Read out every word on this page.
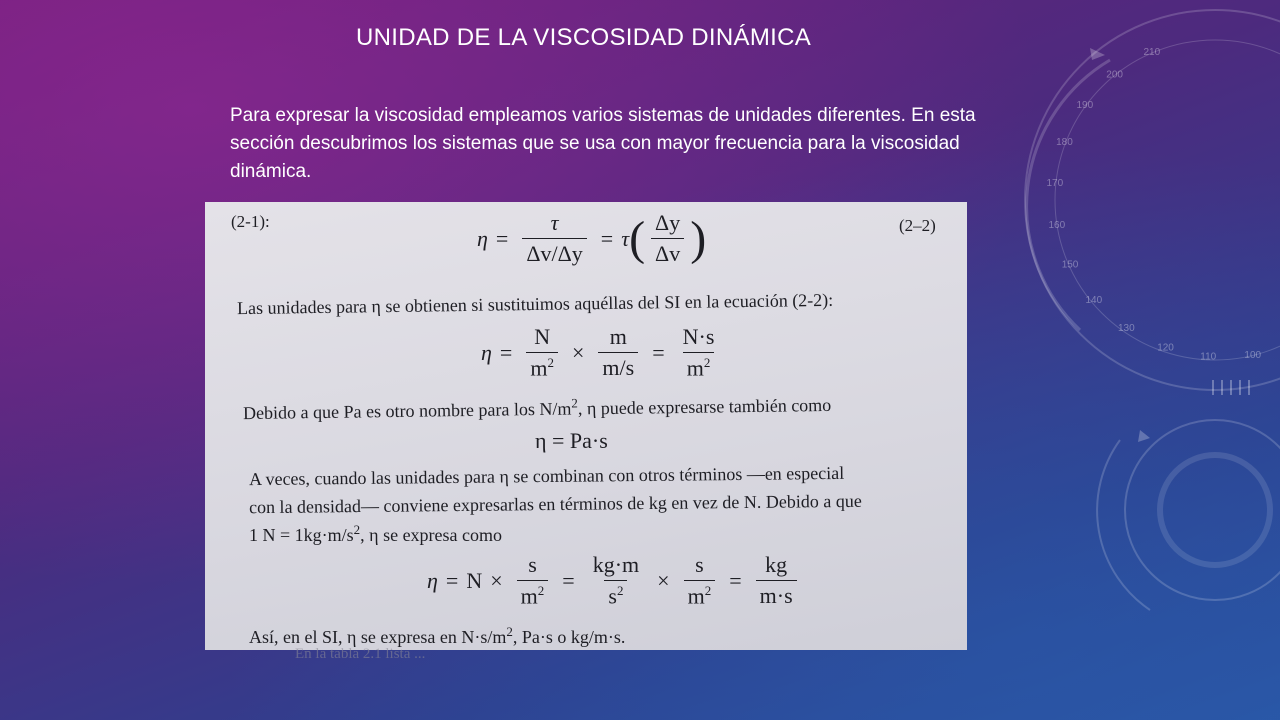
100
110
120
130
140
150
160
170
180
190
200
210
UNIDAD DE LA VISCOSIDAD DINÁMICA

Para expresar la viscosidad empleamos varios sistemas de unidades diferentes. En esta sección descubrimos los sistemas que se usa con mayor frecuencia para la viscosidad dinámica.

(2-1):	(2–2)
$\eta = \frac{\tau}{\Delta v/\Delta y} = \tau$ ( $\frac{\Delta y}{\Delta v}$ )
Las unidades para η se obtienen si sustituimos aquéllas del SI en la ecuación (2-2):
$\eta = \frac{N}{m^2} \times \frac{m}{m/s} = \frac{N\cdot s}{m^2}$
Debido a que Pa es otro nombre para los $N/m^2$, η puede expresarse también como
η = Pa·s
A veces, cuando las unidades para η se combinan con otros términos —en especial
con la densidad— conviene expresarlas en términos de kg en vez de N. Debido a que
1 $N = 1kg\cdot m/s^2$, η se expresa como
$\eta = N \times \frac{s}{m^2} = \frac{kg\cdot m}{s^2} \times \frac{s}{m^2} = \frac{kg}{m\cdot s}$
Así, en el SI, η se expresa en $N\cdot s/m^2$, Pa·s o kg/m·s.
En la tabla 2.1 lista ...
